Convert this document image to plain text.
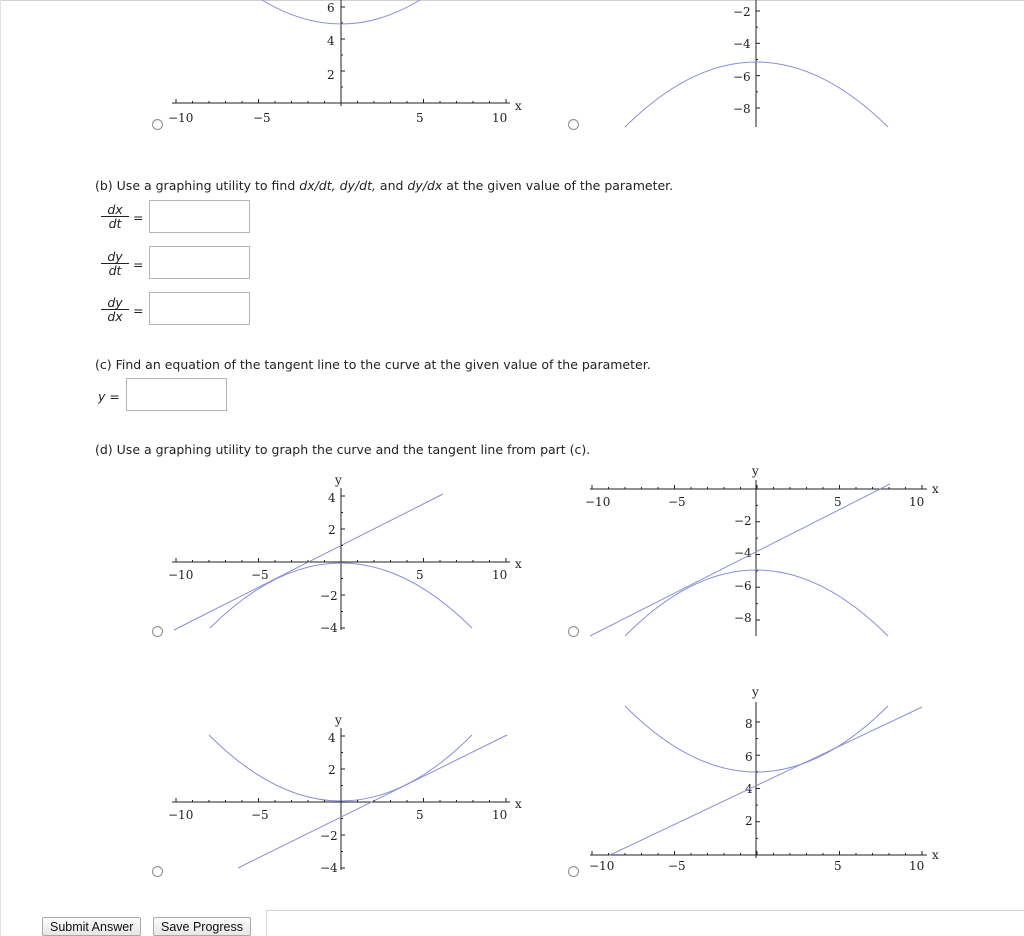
−10	−5	5	10
x
2
4
6	−2
−4
−6
−8
−10	−5	5	10
x
y
4
2
−2
−4
−10	−5	5	10
x
y
−2
−4
−6
−8
−10	−5	5	10
x
y
4
2
−2
−4	−10	−5	5	10
x
y
8
6
4
2
(b) Use a graphing utility to find dx/dt, dy/dt, and dy/dx at the given value of the parameter.
$\frac{dx}{dt}$ =
$\frac{dy}{dt}$ =
$\frac{dy}{dx}$ =
(c) Find an equation of the tangent line to the curve at the given value of the parameter.
y =
(d) Use a graphing utility to graph the curve and the tangent line from part (c).
Submit Answer	Save Progress
